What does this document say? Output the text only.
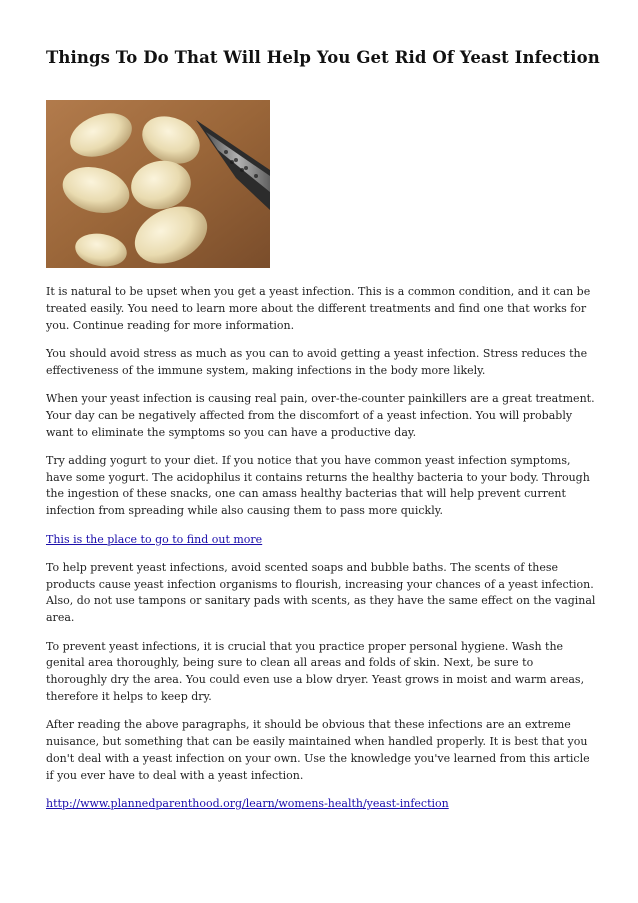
Things To Do That Will Help You Get Rid Of Yeast Infection

It is natural to be upset when you get a yeast infection. This is a common condition, and it can be treated easily. You need to learn more about the different treatments and find one that works for you. Continue reading for more information.

You should avoid stress as much as you can to avoid getting a yeast infection. Stress reduces the effectiveness of the immune system, making infections in the body more likely.

When your yeast infection is causing real pain, over-the-counter painkillers are a great treatment. Your day can be negatively affected from the discomfort of a yeast infection. You will probably want to eliminate the symptoms so you can have a productive day.

Try adding yogurt to your diet. If you notice that you have common yeast infection symptoms, have some yogurt. The acidophilus it contains returns the healthy bacteria to your body. Through the ingestion of these snacks, one can amass healthy bacterias that will help prevent current infection from spreading while also causing them to pass more quickly.

This is the place to go to find out more

To help prevent yeast infections, avoid scented soaps and bubble baths. The scents of these products cause yeast infection organisms to flourish, increasing your chances of a yeast infection. Also, do not use tampons or sanitary pads with scents, as they have the same effect on the vaginal area.

To prevent yeast infections, it is crucial that you practice proper personal hygiene. Wash the genital area thoroughly, being sure to clean all areas and folds of skin. Next, be sure to thoroughly dry the area. You could even use a blow dryer. Yeast grows in moist and warm areas, therefore it helps to keep dry.

After reading the above paragraphs, it should be obvious that these infections are an extreme nuisance, but something that can be easily maintained when handled properly. It is best that you don't deal with a yeast infection on your own. Use the knowledge you've learned from this article if you ever have to deal with a yeast infection.

http://www.plannedparenthood.org/learn/womens-health/yeast-infection
